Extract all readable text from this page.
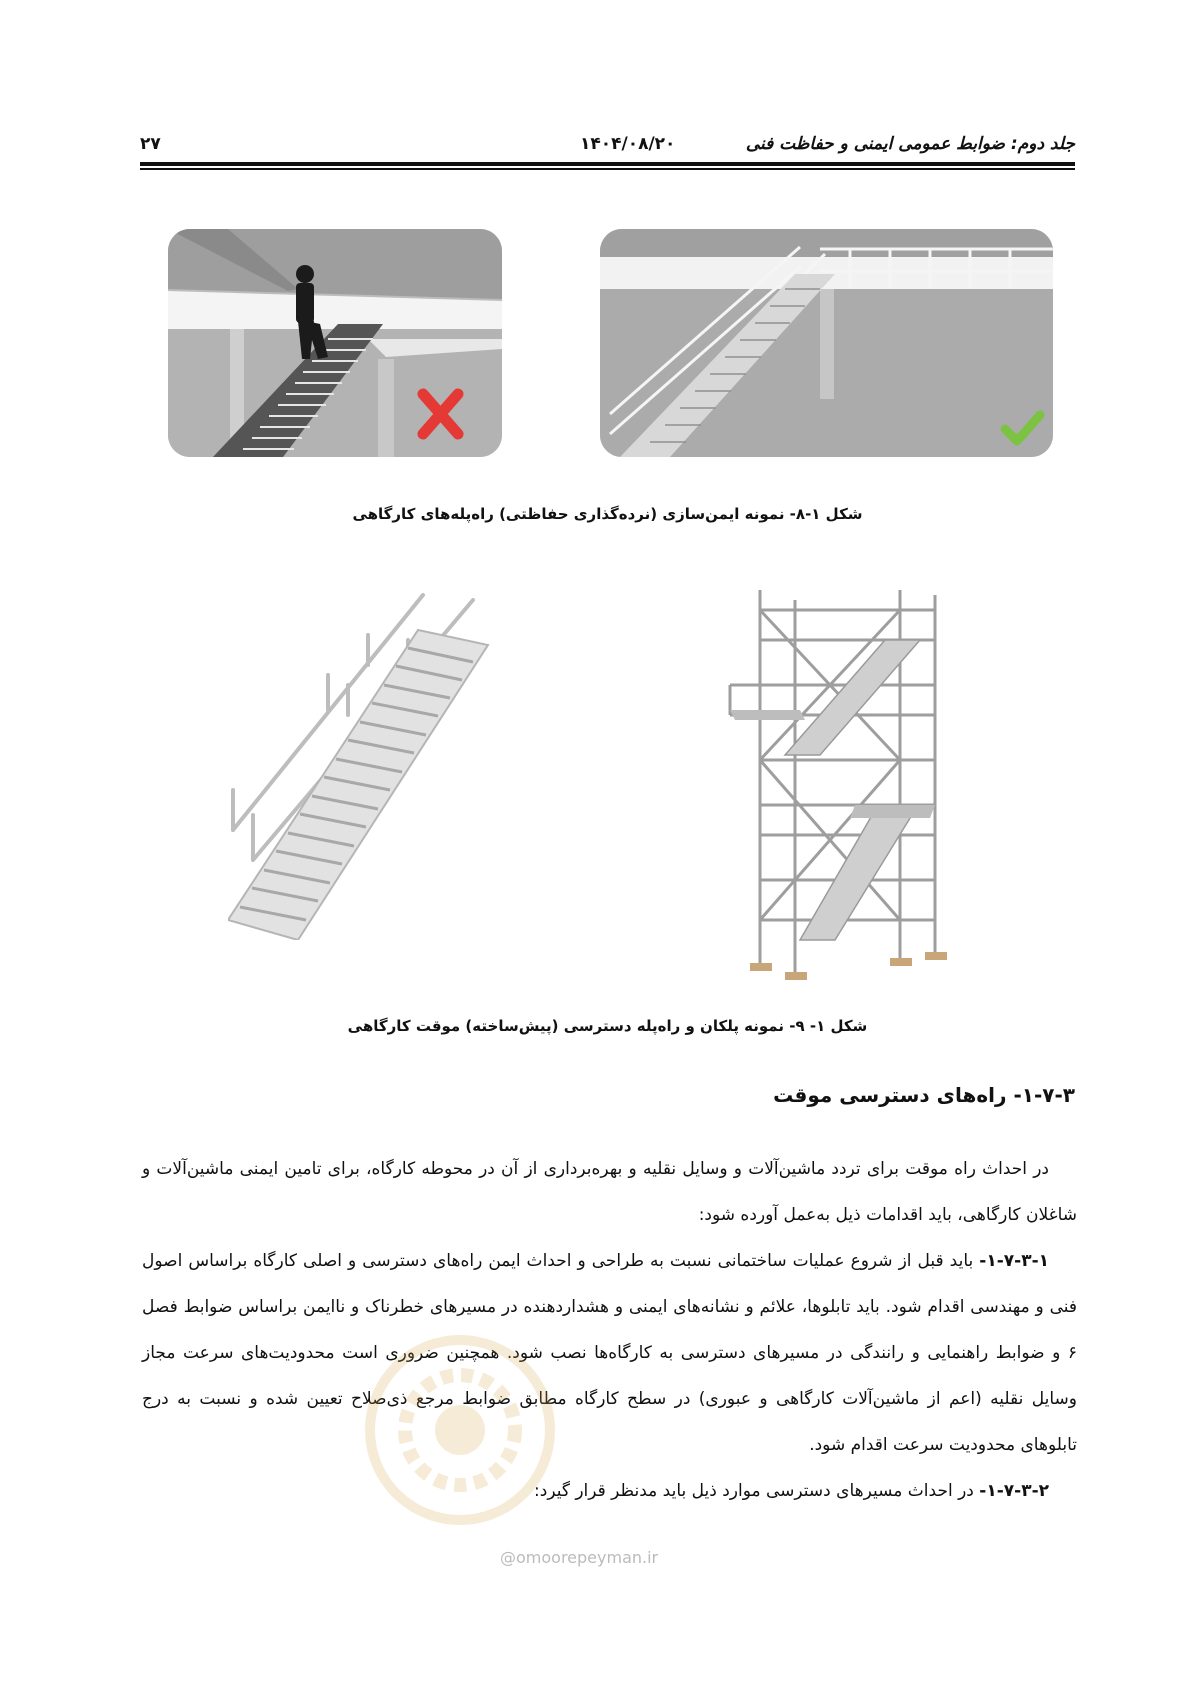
جلد دوم: ضوابط عمومی ایمنی و حفاظت فنی
۱۴۰۴/۰۸/۲۰
۲۷
شکل ۱-۸- نمونه ایمن‌سازی (نرده‌گذاری حفاظتی) راه‌پله‌های کارگاهی
شکل ۱- ۹- نمونه پلکان و راه‌پله دسترسی (پیش‌ساخته) موقت کارگاهی
۱-۷-۳- راه‌های دسترسی موقت

در احداث راه موقت برای تردد ماشین‌آلات و وسایل نقلیه و بهره‌برداری از آن در محوطه کارگاه، برای تامین ایمنی ماشین‌آلات و شاغلان کارگاهی، باید اقدامات ذیل به‌عمل آورده شود:

۱-۷-۳-۱- باید قبل از شروع عملیات ساختمانی نسبت به طراحی و احداث ایمن راه‌های دسترسی و اصلی کارگاه براساس اصول فنی و مهندسی اقدام شود. باید تابلوها، علائم و نشانه‌های ایمنی و هشداردهنده در مسیرهای خطرناک و ناایمن براساس ضوابط فصل ۶ و ضوابط راهنمایی و رانندگی در مسیرهای دسترسی به کارگاه‌ها نصب شود. همچنین ضروری است محدودیت‌های سرعت مجاز وسایل نقلیه (اعم از ماشین‌آلات کارگاهی و عبوری) در سطح کارگاه مطابق ضوابط مرجع ذی‌صلاح تعیین شده و نسبت به درج تابلوهای محدودیت سرعت اقدام شود.

۱-۷-۳-۲- در احداث مسیرهای دسترسی موارد ذیل باید مدنظر قرار گیرد:

@omoorepeyman.ir
